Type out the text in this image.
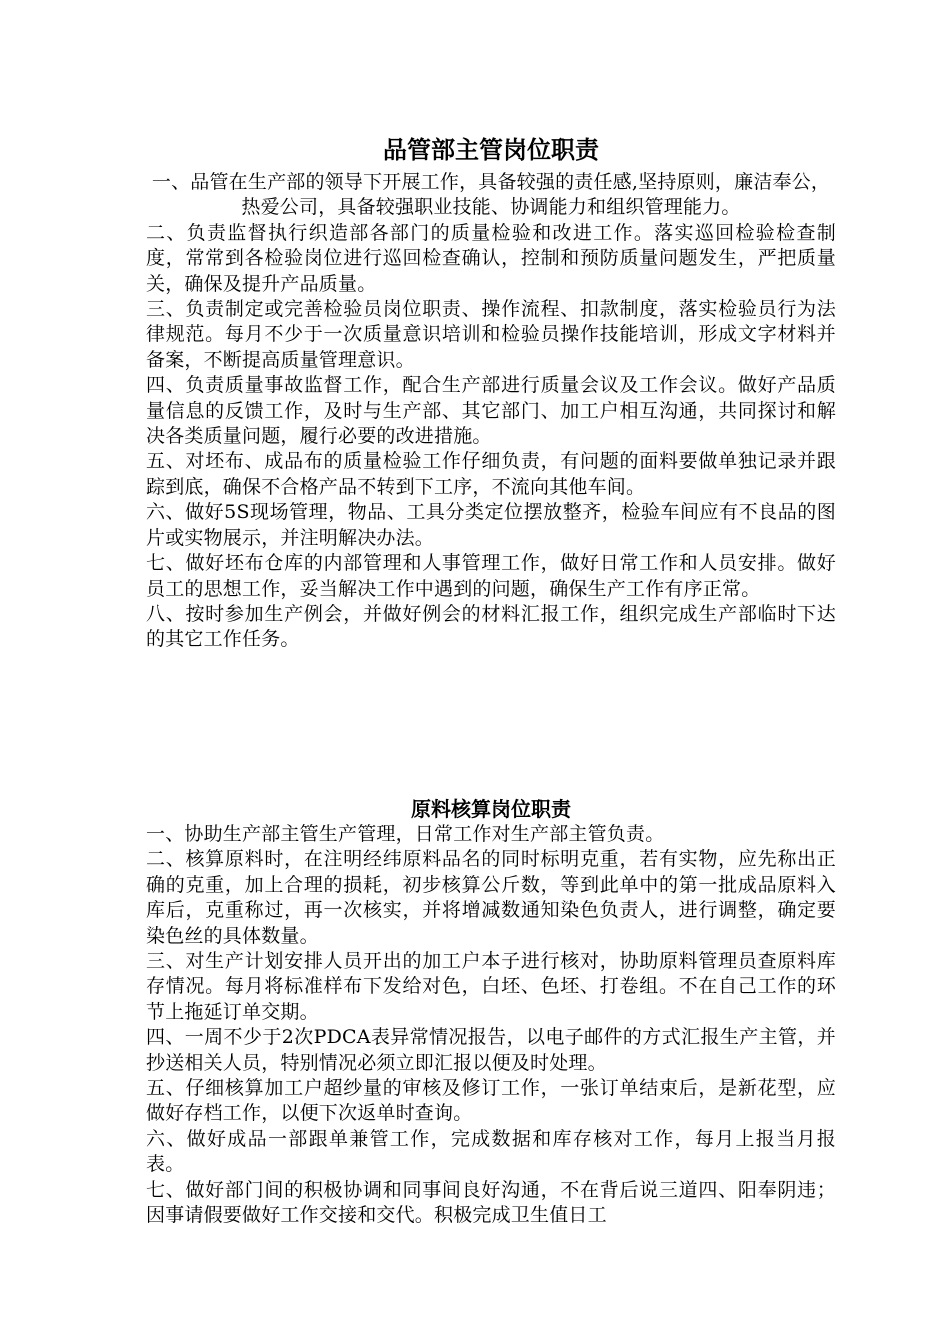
品管部主管岗位职责

一、品管在生产部的领导下开展工作，具备较强的责任感,坚持原则，廉洁奉公，热爱公司，具备较强职业技能、协调能力和组织管理能力。

二、负责监督执行织造部各部门的质量检验和改进工作。落实巡回检验检查制度，常常到各检验岗位进行巡回检查确认，控制和预防质量问题发生，严把质量关，确保及提升产品质量。

三、负责制定或完善检验员岗位职责、操作流程、扣款制度，落实检验员行为法律规范。每月不少于一次质量意识培训和检验员操作技能培训，形成文字材料并备案，不断提高质量管理意识。

四、负责质量事故监督工作，配合生产部进行质量会议及工作会议。做好产品质量信息的反馈工作，及时与生产部、其它部门、加工户相互沟通，共同探讨和解决各类质量问题，履行必要的改进措施。

五、对坯布、成品布的质量检验工作仔细负责，有问题的面料要做单独记录并跟踪到底，确保不合格产品不转到下工序，不流向其他车间。

六、做好5S现场管理，物品、工具分类定位摆放整齐，检验车间应有不良品的图片或实物展示，并注明解决办法。

七、做好坯布仓库的内部管理和人事管理工作，做好日常工作和人员安排。做好员工的思想工作，妥当解决工作中遇到的问题，确保生产工作有序正常。

八、按时参加生产例会，并做好例会的材料汇报工作，组织完成生产部临时下达的其它工作任务。

原料核算岗位职责

一、协助生产部主管生产管理，日常工作对生产部主管负责。

二、核算原料时，在注明经纬原料品名的同时标明克重，若有实物，应先称出正确的克重，加上合理的损耗，初步核算公斤数，等到此单中的第一批成品原料入库后，克重称过，再一次核实，并将增减数通知染色负责人，进行调整，确定要染色丝的具体数量。

三、对生产计划安排人员开出的加工户本子进行核对，协助原料管理员查原料库存情况。每月将标准样布下发给对色，白坯、色坯、打卷组。不在自己工作的环节上拖延订单交期。

四、一周不少于2次PDCA表异常情况报告，以电子邮件的方式汇报生产主管，并抄送相关人员，特别情况必须立即汇报以便及时处理。

五、仔细核算加工户超纱量的审核及修订工作，一张订单结束后，是新花型，应做好存档工作，以便下次返单时查询。

六、做好成品一部跟单兼管工作，完成数据和库存核对工作，每月上报当月报表。

七、做好部门间的积极协调和同事间良好沟通，不在背后说三道四、阳奉阴违；因事请假要做好工作交接和交代。积极完成卫生值日工
